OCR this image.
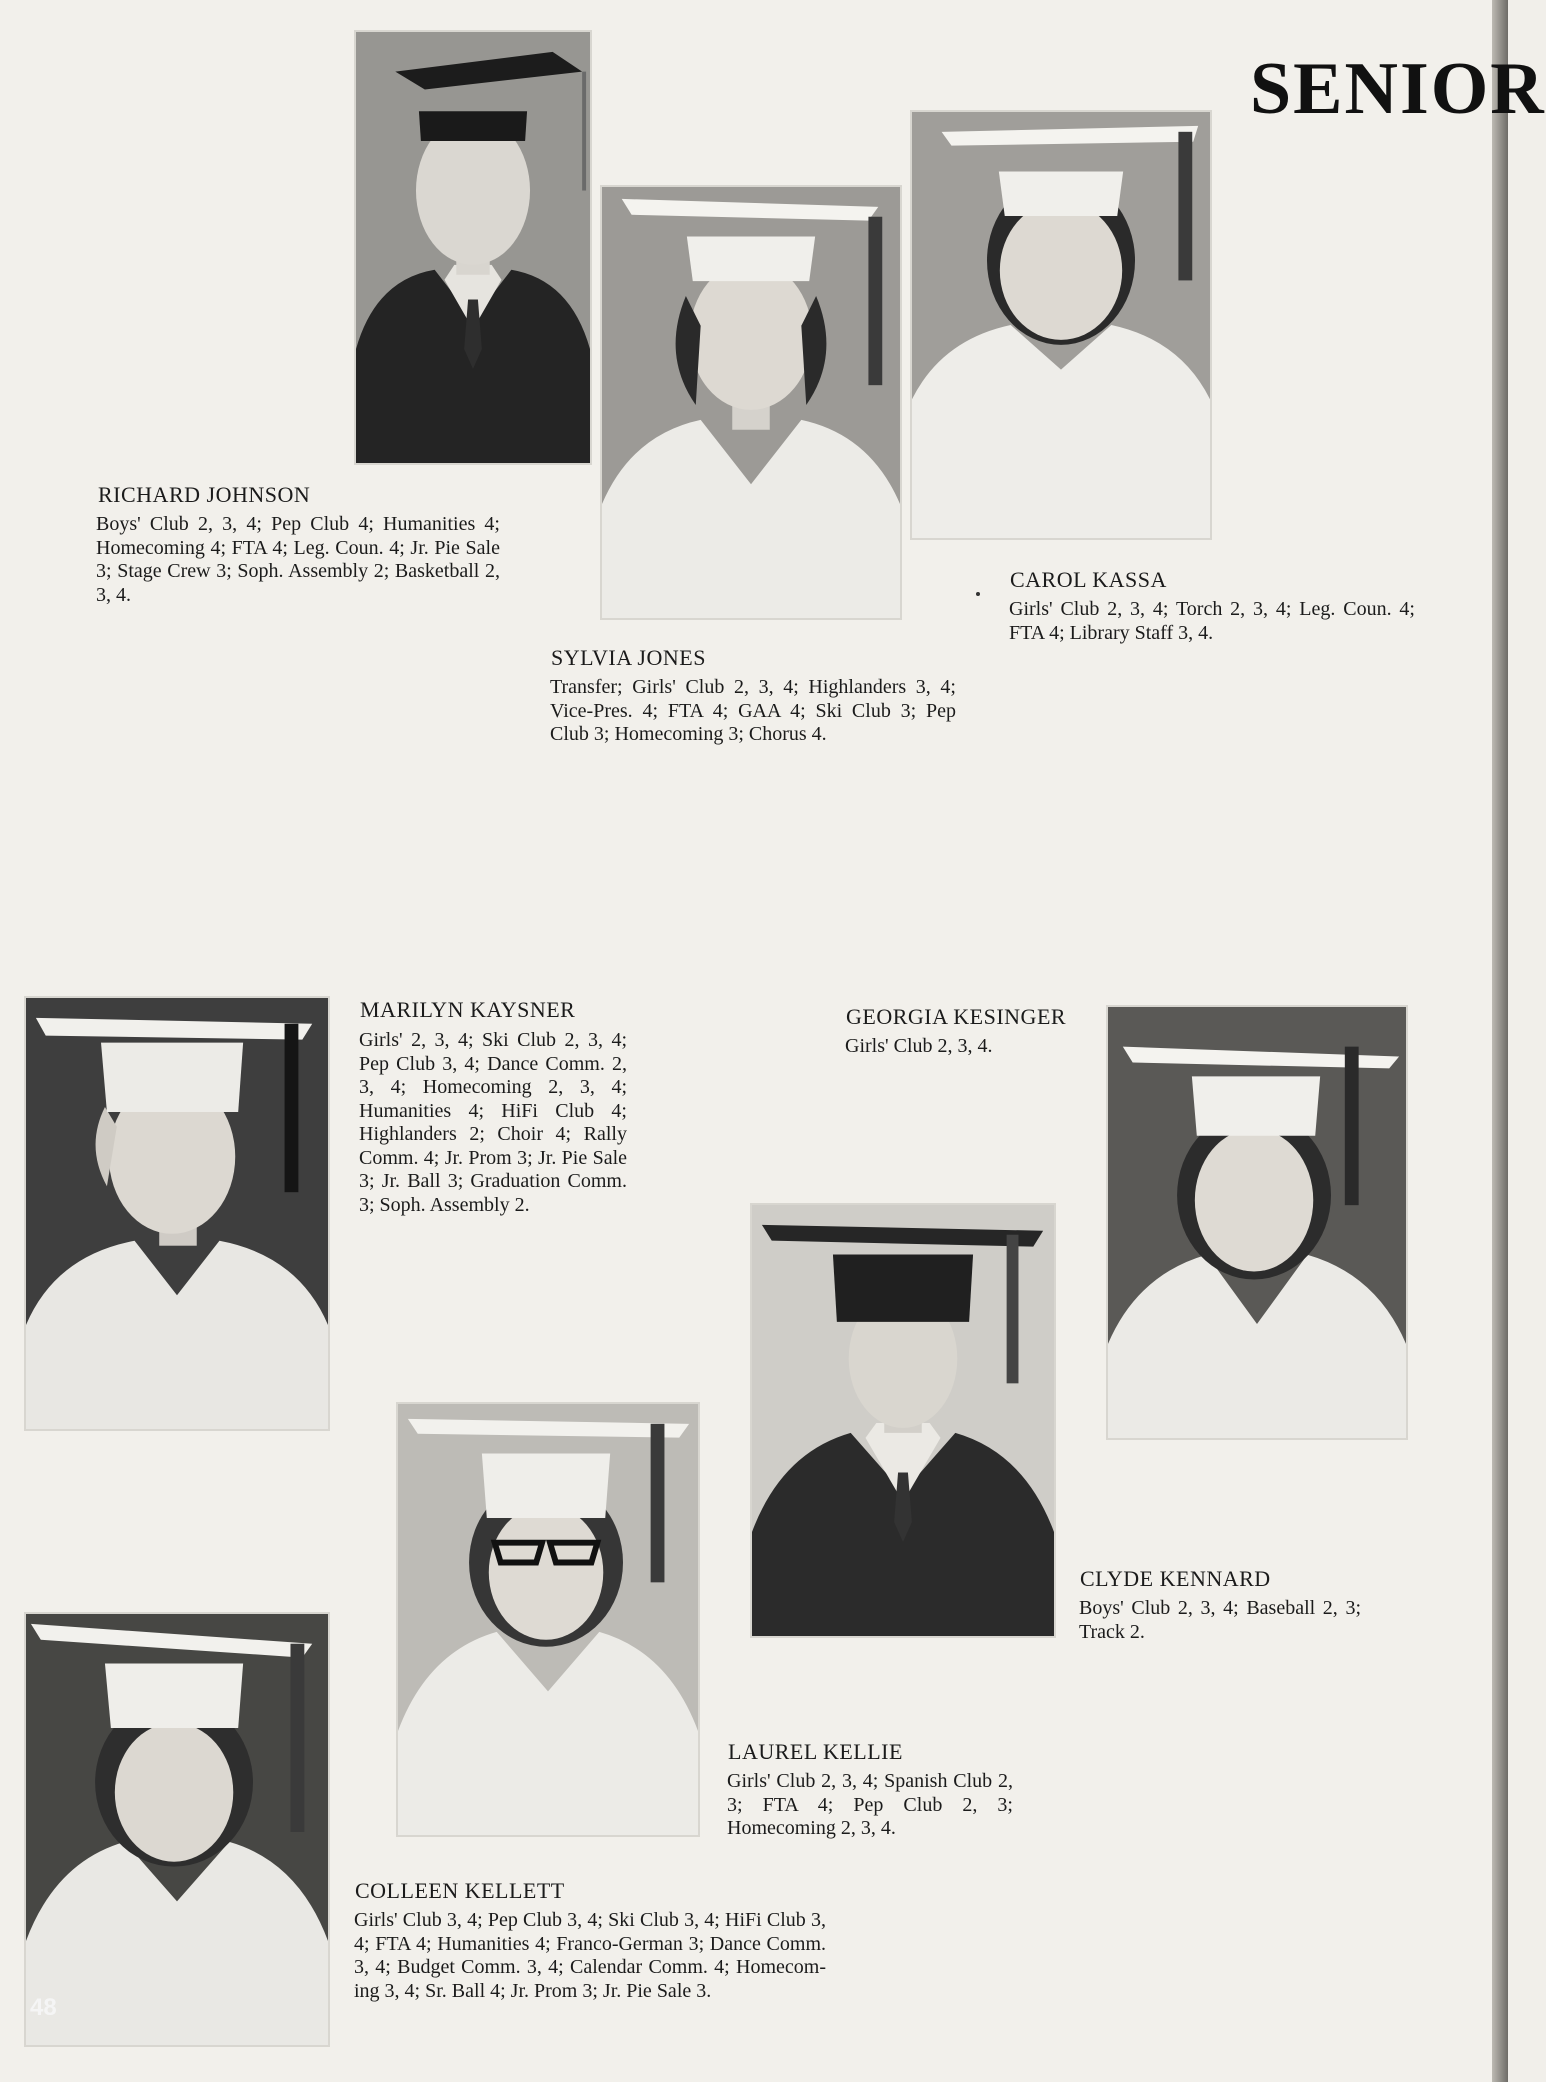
SENIOR
RICHARD JOHNSON
Boys' Club 2, 3, 4; Pep Club 4; Humanities 4; Homecoming 4; FTA 4; Leg. Coun. 4; Jr. Pie Sale 3; Stage Crew 3; Soph. Assembly 2; Basketball 2, 3, 4.
SYLVIA JONES
Transfer; Girls' Club 2, 3, 4; Highlanders 3, 4; Vice-Pres. 4; FTA 4; GAA 4; Ski Club 3; Pep Club 3; Homecoming 3; Chorus 4.
CAROL KASSA
Girls' Club 2, 3, 4; Torch 2, 3, 4; Leg. Coun. 4; FTA 4; Library Staff 3, 4.
MARILYN KAYSNER
Girls' 2, 3, 4; Ski Club 2, 3, 4; Pep Club 3, 4; Dance Comm. 2, 3, 4; Homecoming 2, 3, 4; Humanities 4; HiFi Club 4; Highlanders 2; Choir 4; Rally Comm. 4; Jr. Prom 3; Jr. Pie Sale 3; Jr. Ball 3; Graduation Comm. 3; Soph. Assembly 2.
GEORGIA KESINGER
Girls' Club 2, 3, 4.
CLYDE KENNARD
Boys' Club 2, 3, 4; Baseball 2, 3; Track 2.
LAUREL KELLIE
Girls' Club 2, 3, 4; Spanish Club 2, 3; FTA 4; Pep Club 2, 3; Homecoming 2, 3, 4.
COLLEEN KELLETT
Girls' Club 3, 4; Pep Club 3, 4; Ski Club 3, 4; HiFi Club 3, 4; FTA 4; Humanities 4; Franco-German 3; Dance Comm. 3, 4; Budget Comm. 3, 4; Calendar Comm. 4; Homecoming 3, 4; Sr. Ball 4; Jr. Prom 3; Jr. Pie Sale 3.
48
